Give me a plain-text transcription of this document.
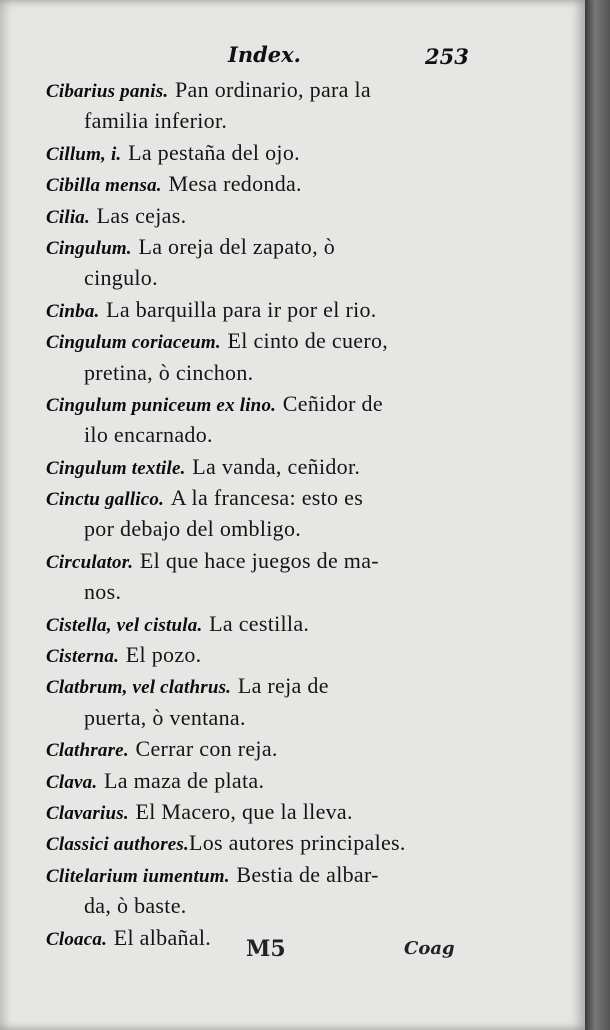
Index.	253
Cibarius panis. Pan ordinario, para la
familia inferior.
Cillum, i. La pestaña del ojo.
Cibilla mensa. Mesa redonda.
Cilia. Las cejas.
Cingulum. La oreja del zapato, ò
cingulo.
Cinba. La barquilla para ir por el rio.
Cingulum coriaceum. El cinto de cuero,
pretina, ò cinchon.
Cingulum puniceum ex lino. Ceñidor de
ilo encarnado.
Cingulum textile. La vanda, ceñidor.
Cinctu gallico. A la francesa: esto es
por debajo del ombligo.
Circulator. El que hace juegos de ma-
nos.
Cistella, vel cistula. La cestilla.
Cisterna. El pozo.
Clatbrum, vel clathrus. La reja de
puerta, ò ventana.
Clathrare. Cerrar con reja.
Clava. La maza de plata.
Clavarius. El Macero, que la lleva.
Classici authores.Los autores principales.
Clitelarium iumentum. Bestia de albar-
da, ò baste.
Cloaca. El albañal.	M5	Coag
